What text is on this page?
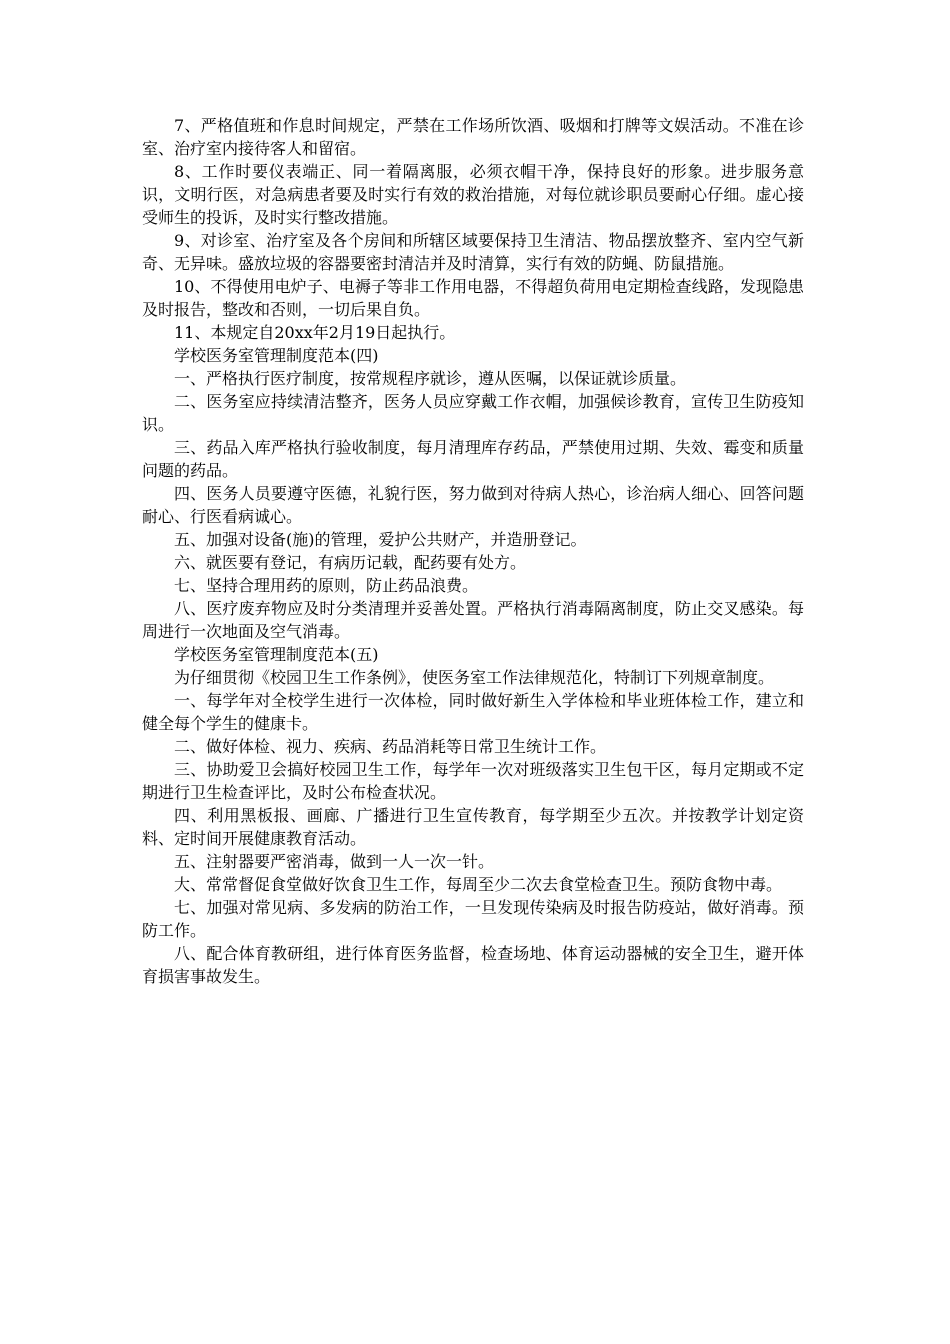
7、严格值班和作息时间规定，严禁在工作场所饮酒、吸烟和打牌等文娱活动。不准在诊室、治疗室内接待客人和留宿。

8、工作时要仪表端正、同一着隔离服，必须衣帽干净，保持良好的形象。进步服务意识，文明行医，对急病患者要及时实行有效的救治措施，对每位就诊职员要耐心仔细。虚心接受师生的投诉，及时实行整改措施。

9、对诊室、治疗室及各个房间和所辖区域要保持卫生清洁、物品摆放整齐、室内空气新奇、无异味。盛放垃圾的容器要密封清洁并及时清算，实行有效的防蝇、防鼠措施。

10、不得使用电炉子、电褥子等非工作用电器，不得超负荷用电定期检查线路，发现隐患及时报告，整改和否则，一切后果自负。

11、本规定自20xx年2月19日起执行。

学校医务室管理制度范本(四)

一、严格执行医疗制度，按常规程序就诊，遵从医嘱，以保证就诊质量。

二、医务室应持续清洁整齐，医务人员应穿戴工作衣帽，加强候诊教育，宣传卫生防疫知识。

三、药品入库严格执行验收制度，每月清理库存药品，严禁使用过期、失效、霉变和质量问题的药品。

四、医务人员要遵守医德，礼貌行医，努力做到对待病人热心，诊治病人细心、回答问题耐心、行医看病诚心。

五、加强对设备(施)的管理，爱护公共财产，并造册登记。

六、就医要有登记，有病历记载，配药要有处方。

七、坚持合理用药的原则，防止药品浪费。

八、医疗废弃物应及时分类清理并妥善处置。严格执行消毒隔离制度，防止交叉感染。每周进行一次地面及空气消毒。

学校医务室管理制度范本(五)

为仔细贯彻《校园卫生工作条例》，使医务室工作法律规范化，特制订下列规章制度。

一、每学年对全校学生进行一次体检，同时做好新生入学体检和毕业班体检工作，建立和健全每个学生的健康卡。

二、做好体检、视力、疾病、药品消耗等日常卫生统计工作。

三、协助爱卫会搞好校园卫生工作，每学年一次对班级落实卫生包干区，每月定期或不定期进行卫生检查评比，及时公布检查状况。

四、利用黑板报、画廊、广播进行卫生宣传教育，每学期至少五次。并按教学计划定资料、定时间开展健康教育活动。

五、注射器要严密消毒，做到一人一次一针。

大、常常督促食堂做好饮食卫生工作，每周至少二次去食堂检查卫生。预防食物中毒。

七、加强对常见病、多发病的防治工作，一旦发现传染病及时报告防疫站，做好消毒。预防工作。

八、配合体育教研组，进行体育医务监督，检查场地、体育运动器械的安全卫生，避开体育损害事故发生。
